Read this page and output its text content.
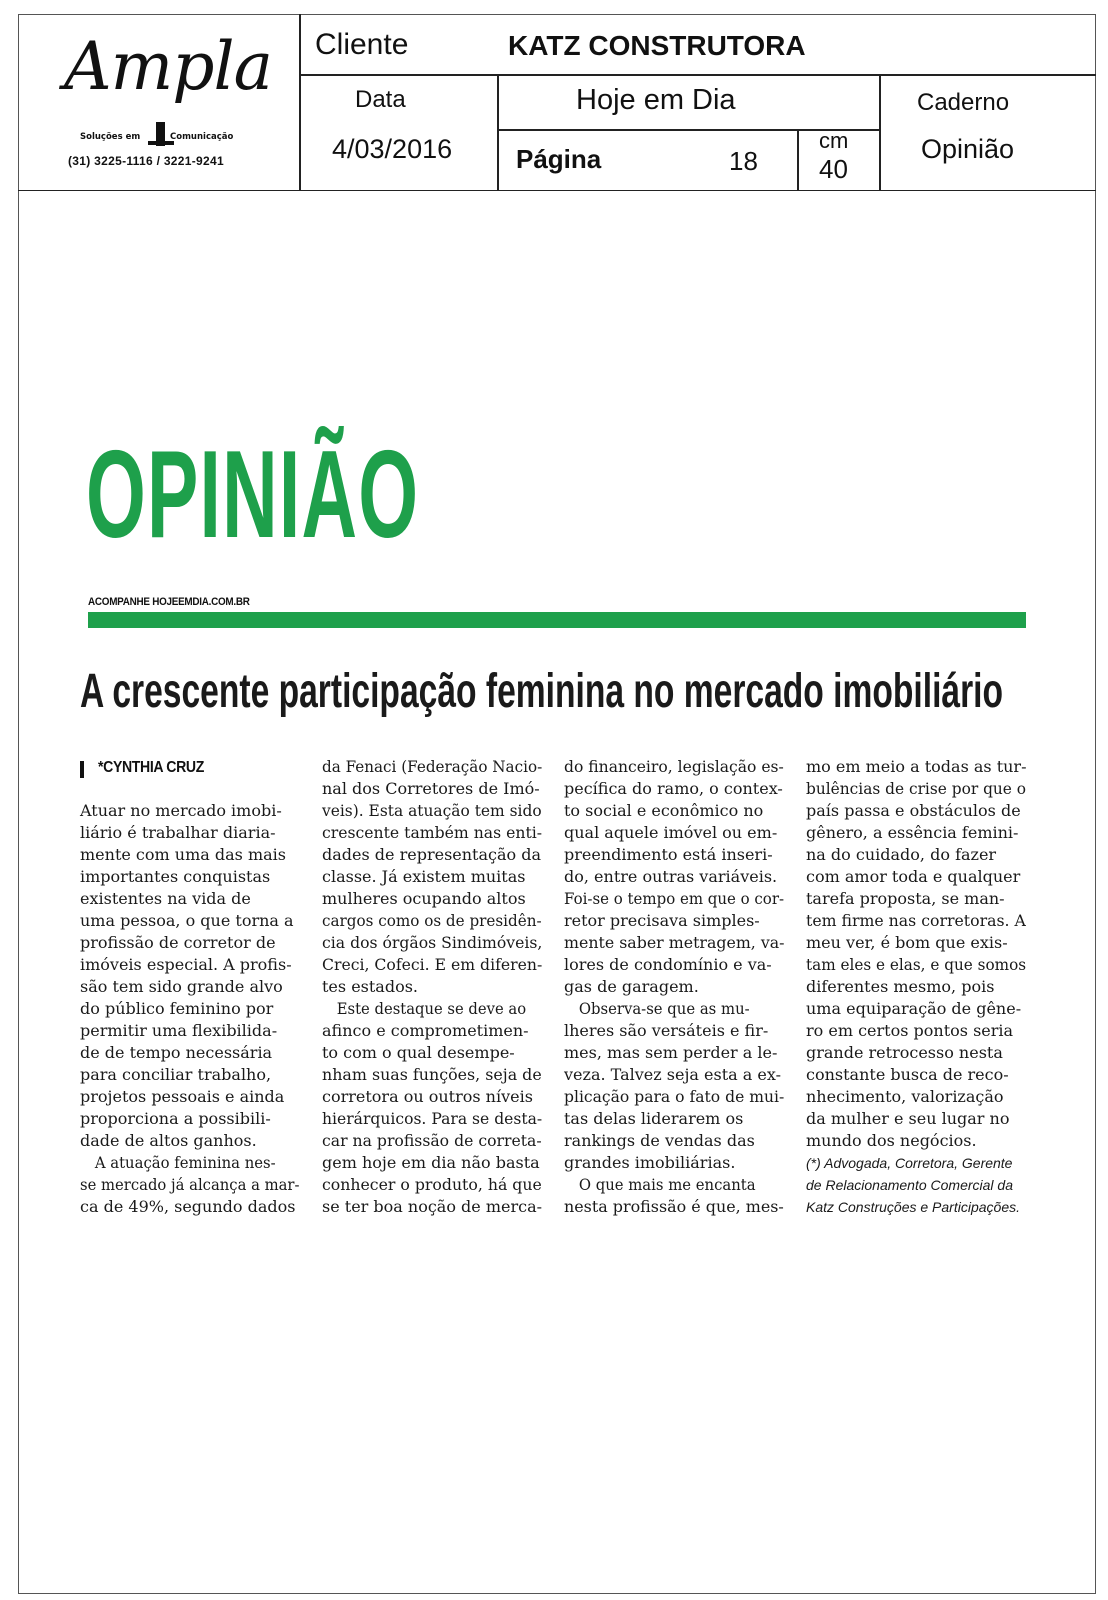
Ampla
Soluções em	Comunicação
(31) 3225-1116 / 3221-9241
Cliente	KATZ CONSTRUTORA
Data
4/03/2016
Hoje em Dia
Página	18
cm
40
Caderno
Opinião
OPINIÃO
ACOMPANHE HOJEEMDIA.COM.BR
A crescente participação feminina no mercado imobiliário
*CYNTHIA CRUZ
Atuar no mercado imobi-
liário é trabalhar diaria-
mente com uma das mais
importantes conquistas
existentes na vida de
uma pessoa, o que torna a
profissão de corretor de
imóveis especial. A profis-
são tem sido grande alvo
do público feminino por
permitir uma flexibilida-
de de tempo necessária
para conciliar trabalho,
projetos pessoais e ainda
proporciona a possibili-
dade de altos ganhos.
A atuação feminina nes-
se mercado já alcança a mar-
ca de 49%, segundo dados
da Fenaci (Federação Nacio-
nal dos Corretores de Imó-
veis). Esta atuação tem sido
crescente também nas enti-
dades de representação da
classe. Já existem muitas
mulheres ocupando altos
cargos como os de presidên-
cia dos órgãos Sindimóveis,
Creci, Cofeci. E em diferen-
tes estados.
Este destaque se deve ao
afinco e comprometimen-
to com o qual desempe-
nham suas funções, seja de
corretora ou outros níveis
hierárquicos. Para se desta-
car na profissão de correta-
gem hoje em dia não basta
conhecer o produto, há que
se ter boa noção de merca-
do financeiro, legislação es-
pecífica do ramo, o contex-
to social e econômico no
qual aquele imóvel ou em-
preendimento está inseri-
do, entre outras variáveis.
Foi-se o tempo em que o cor-
retor precisava simples-
mente saber metragem, va-
lores de condomínio e va-
gas de garagem.
Observa-se que as mu-
lheres são versáteis e fir-
mes, mas sem perder a le-
veza. Talvez seja esta a ex-
plicação para o fato de mui-
tas delas liderarem os
rankings de vendas das
grandes imobiliárias.
O que mais me encanta
nesta profissão é que, mes-
mo em meio a todas as tur-
bulências de crise por que o
país passa e obstáculos de
gênero, a essência femini-
na do cuidado, do fazer
com amor toda e qualquer
tarefa proposta, se man-
tem firme nas corretoras. A
meu ver, é bom que exis-
tam eles e elas, e que somos
diferentes mesmo, pois
uma equiparação de gêne-
ro em certos pontos seria
grande retrocesso nesta
constante busca de reco-
nhecimento, valorização
da mulher e seu lugar no
mundo dos negócios.
(*) Advogada, Corretora, Gerente
de Relacionamento Comercial da
Katz Construções e Participações.
